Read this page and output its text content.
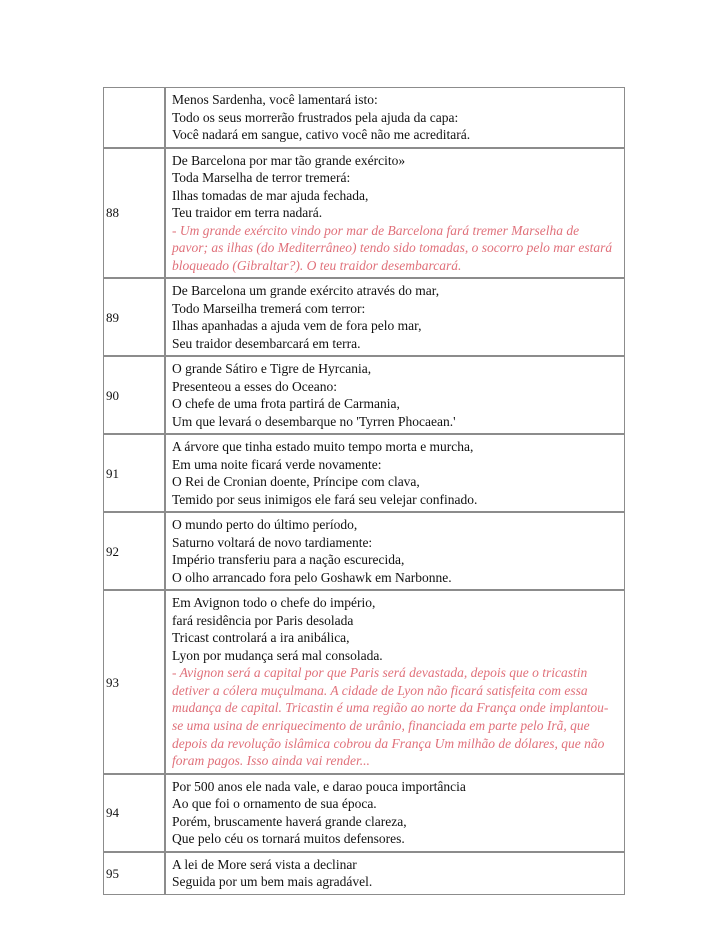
	Menos Sardenha, você lamentará isto:
Todo os seus morrerão frustrados pela ajuda da capa:
Você nadará em sangue, cativo você não me acreditará.

88	De Barcelona por mar tão grande exército»
Toda Marselha de terror tremerá:
Ilhas tomadas de mar ajuda fechada,
Teu traidor em terra nadará.
- Um grande exército vindo por mar de Barcelona fará tremer Marselha de pavor; as ilhas (do Mediterrâneo) tendo sido tomadas, o socorro pelo mar estará bloqueado (Gibraltar?). O teu traidor desembarcará.

89	De Barcelona um grande exército através do mar,
Todo Marseilha tremerá com terror:
Ilhas apanhadas a ajuda vem de fora pelo mar,
Seu traidor desembarcará em terra.

90	O grande Sátiro e Tigre de Hyrcania,
Presenteou a esses do Oceano:
O chefe de uma frota partirá de Carmania,
Um que levará o desembarque no 'Tyrren Phocaean.'

91	A árvore que tinha estado muito tempo morta e murcha,
Em uma noite ficará verde novamente:
O Rei de Cronian doente, Príncipe com clava,
Temido por seus inimigos ele fará seu velejar confinado.

92	O mundo perto do último período,
Saturno voltará de novo tardiamente:
Império transferiu para a nação escurecida,
O olho arrancado fora pelo Goshawk em Narbonne.

93	Em Avignon todo o chefe do império,
fará residência por Paris desolada
Tricast controlará a ira anibálica,
Lyon por mudança será mal consolada.
- Avignon será a capital por que Paris será devastada, depois que o tricastin detiver a cólera muçulmana. A cidade de Lyon não ficará satisfeita com essa mudança de capital. Tricastin é uma região ao norte da França onde implantou-se uma usina de enriquecimento de urânio, financiada em parte pelo Irã, que depois da revolução islâmica cobrou da França Um milhão de dólares, que não foram pagos. Isso ainda vai render...

94	Por 500 anos ele nada vale, e darao pouca importância
Ao que foi o ornamento de sua época.
Porém, bruscamente haverá grande clareza,
Que pelo céu os tornará muitos defensores.

95	A lei de More será vista a declinar
Seguida por um bem mais agradável.
